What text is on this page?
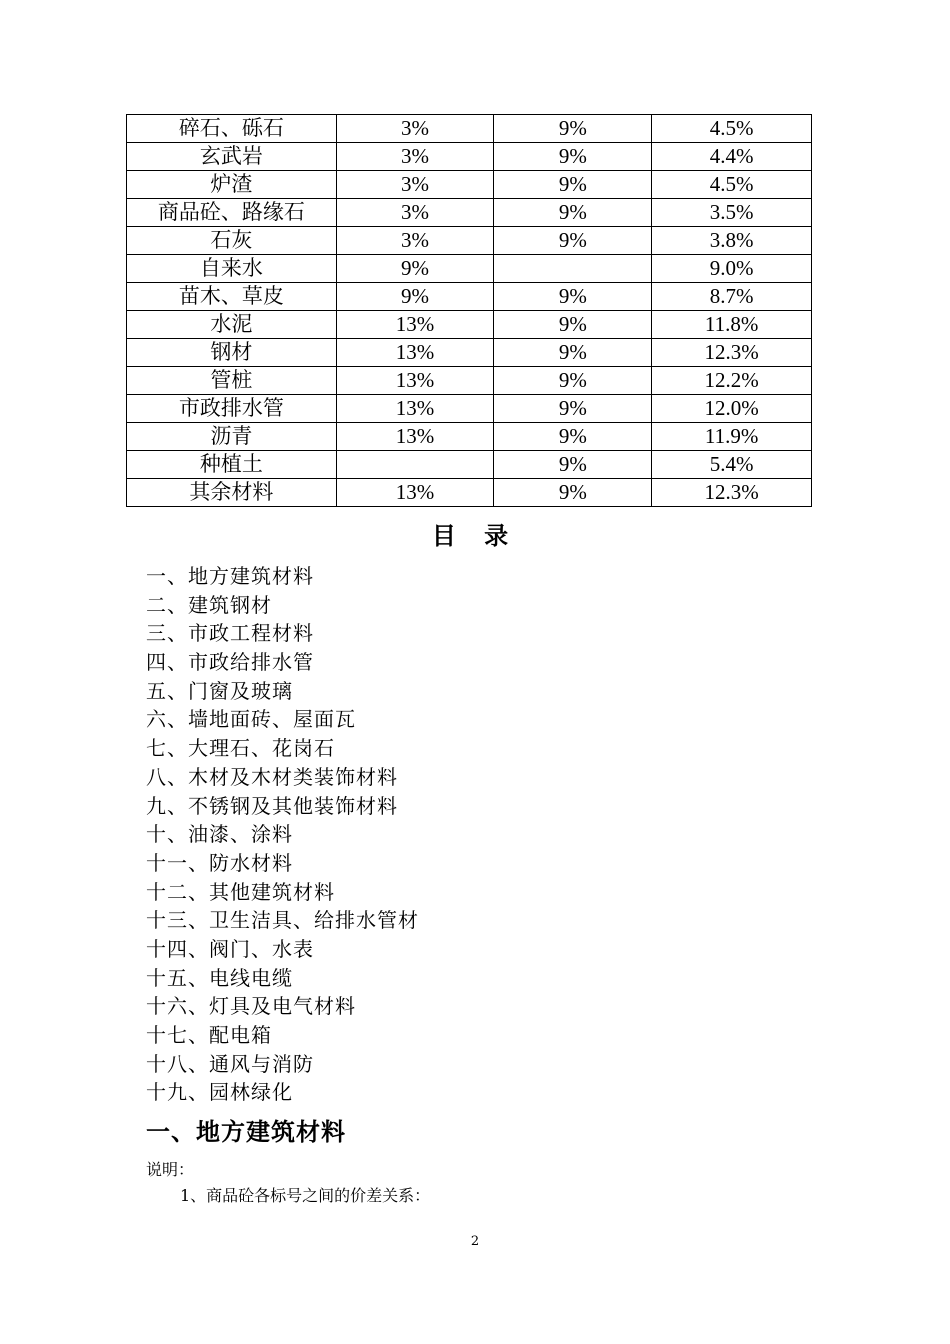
碎石、砾石	3%	9%	4.5%
玄武岩	3%	9%	4.4%
炉渣	3%	9%	4.5%
商品砼、路缘石	3%	9%	3.5%
石灰	3%	9%	3.8%
自来水	9%		9.0%
苗木、草皮	9%	9%	8.7%
水泥	13%	9%	11.8%
钢材	13%	9%	12.3%
管桩	13%	9%	12.2%
市政排水管	13%	9%	12.0%
沥青	13%	9%	11.9%
种植土		9%	5.4%
其余材料	13%	9%	12.3%
目 录
一、地方建筑材料
二、建筑钢材
三、市政工程材料
四、市政给排水管
五、门窗及玻璃
六、墙地面砖、屋面瓦
七、大理石、花岗石
八、木材及木材类装饰材料
九、不锈钢及其他装饰材料
十、油漆、涂料
十一、防水材料
十二、其他建筑材料
十三、卫生洁具、给排水管材
十四、阀门、水表
十五、电线电缆
十六、灯具及电气材料
十七、配电箱
十八、通风与消防
十九、园林绿化
一、地方建筑材料
说明：
1、商品砼各标号之间的价差关系：
2
